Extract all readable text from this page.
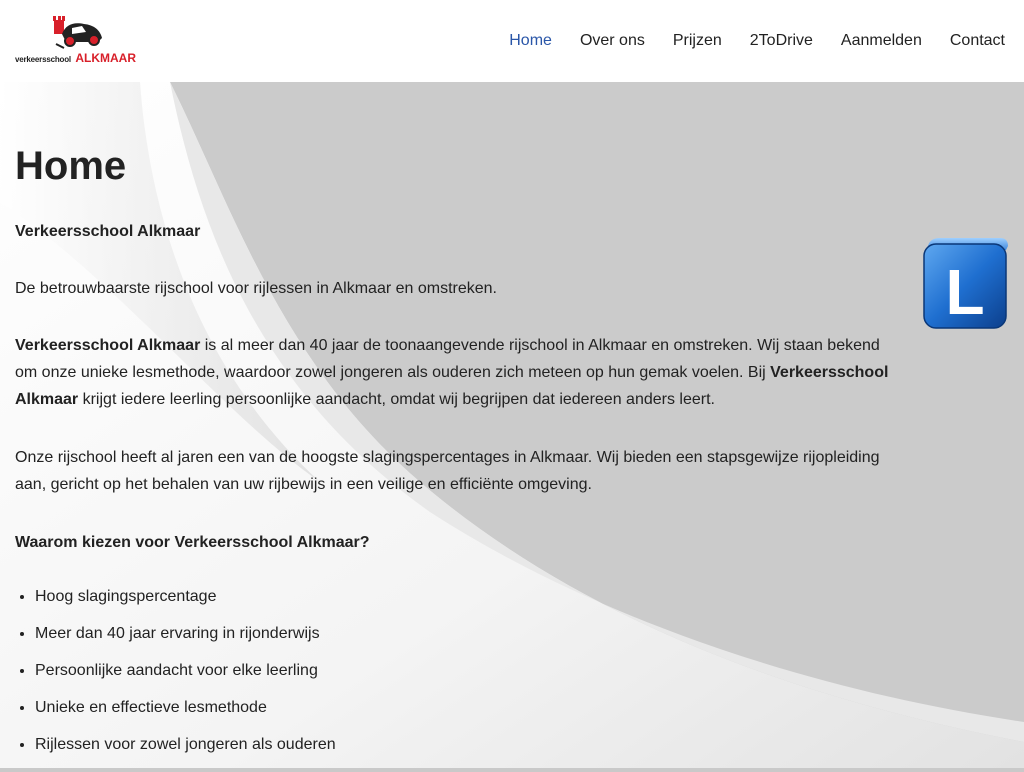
verkeersschool ALKMAAR
Home Over ons Prijzen 2ToDrive Aanmelden Contact
Home

Verkeersschool Alkmaar

De betrouwbaarste rijschool voor rijlessen in Alkmaar en omstreken.

Verkeersschool Alkmaar is al meer dan 40 jaar de toonaangevende rijschool in Alkmaar en omstreken. Wij staan bekend om onze unieke lesmethode, waardoor zowel jongeren als ouderen zich meteen op hun gemak voelen. Bij Verkeersschool Alkmaar krijgt iedere leerling persoonlijke aandacht, omdat wij begrijpen dat iedereen anders leert.

Onze rijschool heeft al jaren een van de hoogste slagingspercentages in Alkmaar. Wij bieden een stapsgewijze rijopleiding aan, gericht op het behalen van uw rijbewijs in een veilige en efficiënte omgeving.

Waarom kiezen voor Verkeersschool Alkmaar?

• Hoog slagingspercentage
• Meer dan 40 jaar ervaring in rijonderwijs
• Persoonlijke aandacht voor elke leerling
• Unieke en effectieve lesmethode
• Rijlessen voor zowel jongeren als ouderen
L
